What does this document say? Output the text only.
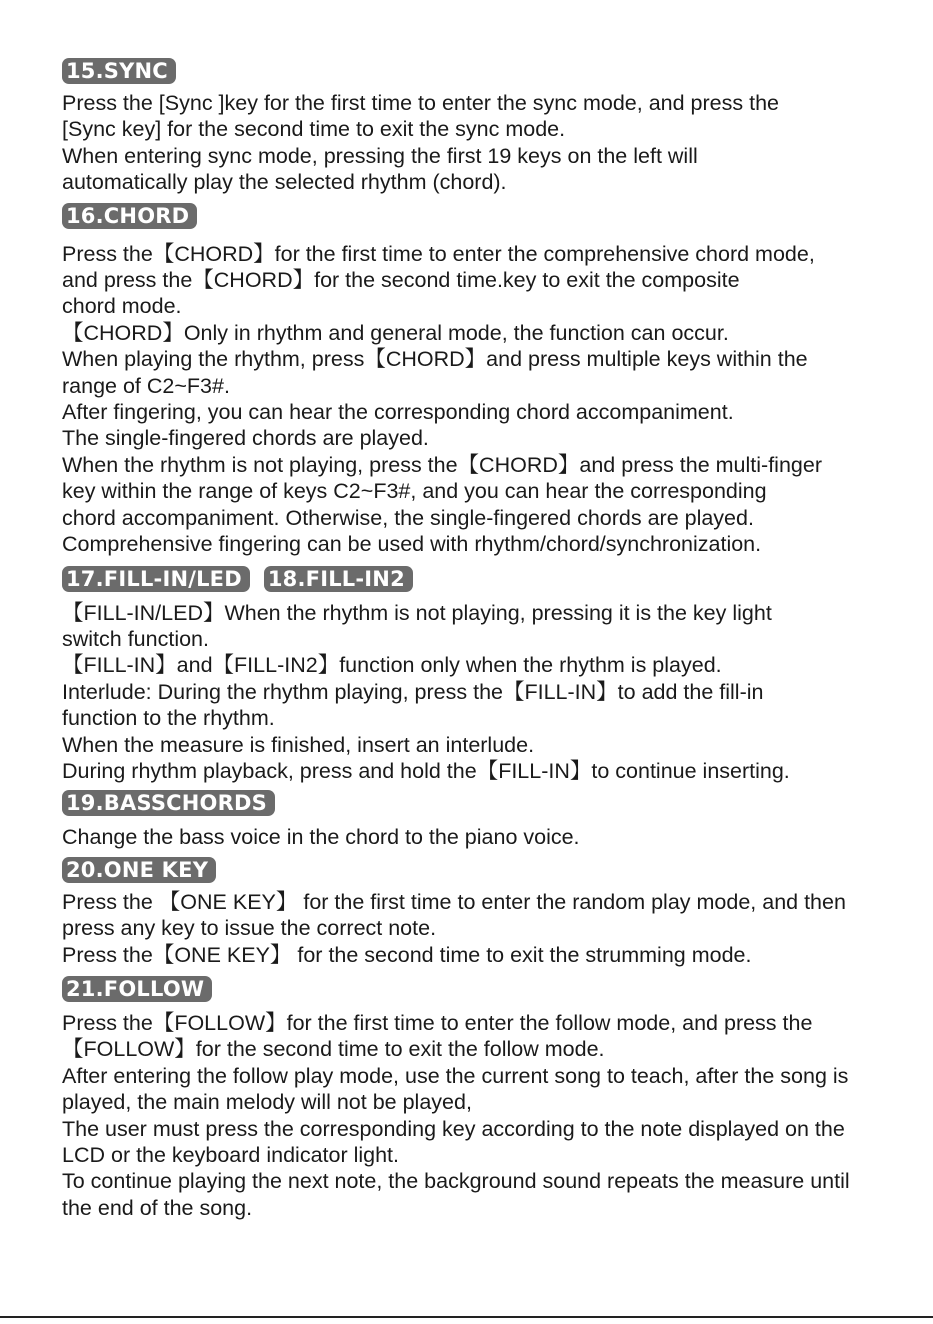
15.SYNC

Press the [Sync ]key for the first time to enter the sync mode, and press the

[Sync key] for the second time to exit the sync mode.

When entering sync mode, pressing the first 19 keys on the left will

automatically play the selected rhythm (chord).

16.CHORD

Press the【CHORD】for the first time to enter the comprehensive chord mode,

and press the【CHORD】for the second time.key to exit the composite

chord mode.

【CHORD】Only in rhythm and general mode, the function can occur.

When playing the rhythm, press【CHORD】and press multiple keys within the

range of C2~F3#.

After fingering, you can hear the corresponding chord accompaniment.

The single-fingered chords are played.

When the rhythm is not playing, press the【CHORD】and press the multi-finger

key within the range of keys C2~F3#, and you can hear the corresponding

chord accompaniment. Otherwise, the single-fingered chords are played.

Comprehensive fingering can be used with rhythm/chord/synchronization.

17.FILL-IN/LED	18.FILL-IN2

【FILL-IN/LED】When the rhythm is not playing, pressing it is the key light

switch function.

【FILL-IN】and【FILL-IN2】function only when the rhythm is played.

Interlude: During the rhythm playing, press the【FILL-IN】to add the fill-in

function to the rhythm.

When the measure is finished, insert an interlude.

During rhythm playback, press and hold the【FILL-IN】to continue inserting.

19.BASSCHORDS

Change the bass voice in the chord to the piano voice.

20.ONE KEY

Press the 【ONE KEY】 for the first time to enter the random play mode, and then

press any key to issue the correct note.

Press the【ONE KEY】 for the second time to exit the strumming mode.

21.FOLLOW

Press the【FOLLOW】for the first time to enter the follow mode, and press the

【FOLLOW】for the second time to exit the follow mode.

After entering the follow play mode, use the current song to teach, after the song is

played, the main melody will not be played,

The user must press the corresponding key according to the note displayed on the

LCD or the keyboard indicator light.

To continue playing the next note, the background sound repeats the measure until

the end of the song.
